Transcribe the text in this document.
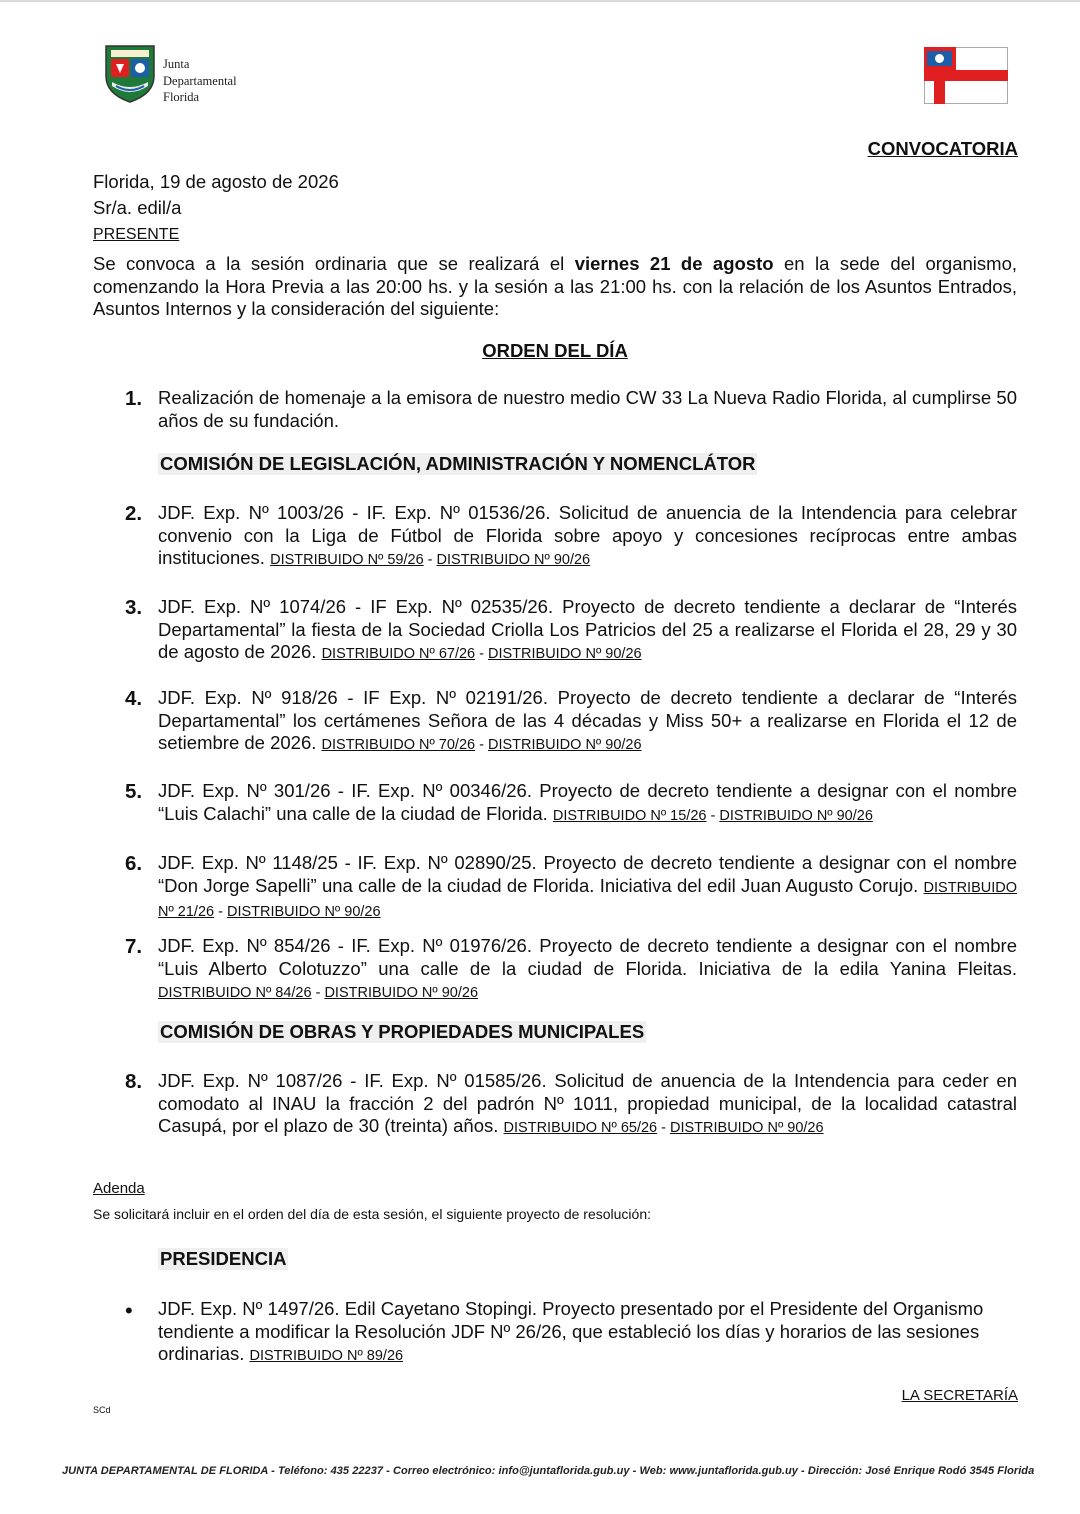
Junta
Departamental
Florida
CONVOCATORIA
Florida, 19 de agosto de 2026
Sr/a. edil/a
PRESENTE
Se convoca a la sesión ordinaria que se realizará el viernes 21 de agosto en la sede del organismo, comenzando la Hora Previa a las 20:00 hs. y la sesión a las 21:00 hs. con la relación de los Asuntos Entrados, Asuntos Internos y la consideración del siguiente:
ORDEN DEL DÍA
1. Realización de homenaje a la emisora de nuestro medio CW 33 La Nueva Radio Florida, al cumplirse 50 años de su fundación.
COMISIÓN DE LEGISLACIÓN, ADMINISTRACIÓN Y NOMENCLÁTOR
2. JDF. Exp. Nº 1003/26 - IF. Exp. Nº 01536/26. Solicitud de anuencia de la Intendencia para celebrar convenio con la Liga de Fútbol de Florida sobre apoyo y concesiones recíprocas entre ambas instituciones. DISTRIBUIDO Nº 59/26 - DISTRIBUIDO Nº 90/26
3. JDF. Exp. Nº 1074/26 - IF Exp. Nº 02535/26. Proyecto de decreto tendiente a declarar de “Interés Departamental” la fiesta de la Sociedad Criolla Los Patricios del 25 a realizarse el Florida el 28, 29 y 30 de agosto de 2026. DISTRIBUIDO Nº 67/26 - DISTRIBUIDO Nº 90/26
4. JDF. Exp. Nº 918/26 - IF Exp. Nº 02191/26. Proyecto de decreto tendiente a declarar de “Interés Departamental” los certámenes Señora de las 4 décadas y Miss 50+ a realizarse en Florida el 12 de setiembre de 2026. DISTRIBUIDO Nº 70/26 - DISTRIBUIDO Nº 90/26
5. JDF. Exp. Nº 301/26 - IF. Exp. Nº 00346/26. Proyecto de decreto tendiente a designar con el nombre “Luis Calachi” una calle de la ciudad de Florida. DISTRIBUIDO Nº 15/26 - DISTRIBUIDO Nº 90/26
6. JDF. Exp. Nº 1148/25 - IF. Exp. Nº 02890/25. Proyecto de decreto tendiente a designar con el nombre “Don Jorge Sapelli” una calle de la ciudad de Florida. Iniciativa del edil Juan Augusto Corujo. DISTRIBUIDO Nº 21/26 - DISTRIBUIDO Nº 90/26
7. JDF. Exp. Nº 854/26 - IF. Exp. Nº 01976/26. Proyecto de decreto tendiente a designar con el nombre “Luis Alberto Colotuzzo” una calle de la ciudad de Florida. Iniciativa de la edila Yanina Fleitas. DISTRIBUIDO Nº 84/26 - DISTRIBUIDO Nº 90/26
COMISIÓN DE OBRAS Y PROPIEDADES MUNICIPALES
8. JDF. Exp. Nº 1087/26 - IF. Exp. Nº 01585/26. Solicitud de anuencia de la Intendencia para ceder en comodato al INAU la fracción 2 del padrón Nº 1011, propiedad municipal, de la localidad catastral Casupá, por el plazo de 30 (treinta) años. DISTRIBUIDO Nº 65/26 - DISTRIBUIDO Nº 90/26
Adenda
Se solicitará incluir en el orden del día de esta sesión, el siguiente proyecto de resolución:
PRESIDENCIA
• JDF. Exp. Nº 1497/26. Edil Cayetano Stopingi. Proyecto presentado por el Presidente del Organismo tendiente a modificar la Resolución JDF Nº 26/26, que estableció los días y horarios de las sesiones ordinarias. DISTRIBUIDO Nº 89/26
LA SECRETARÍA
SCd
JUNTA DEPARTAMENTAL DE FLORIDA - Teléfono: 435 22237 - Correo electrónico: info@juntaflorida.gub.uy - Web: www.juntaflorida.gub.uy - Dirección: José Enrique Rodó 3545 Florida
